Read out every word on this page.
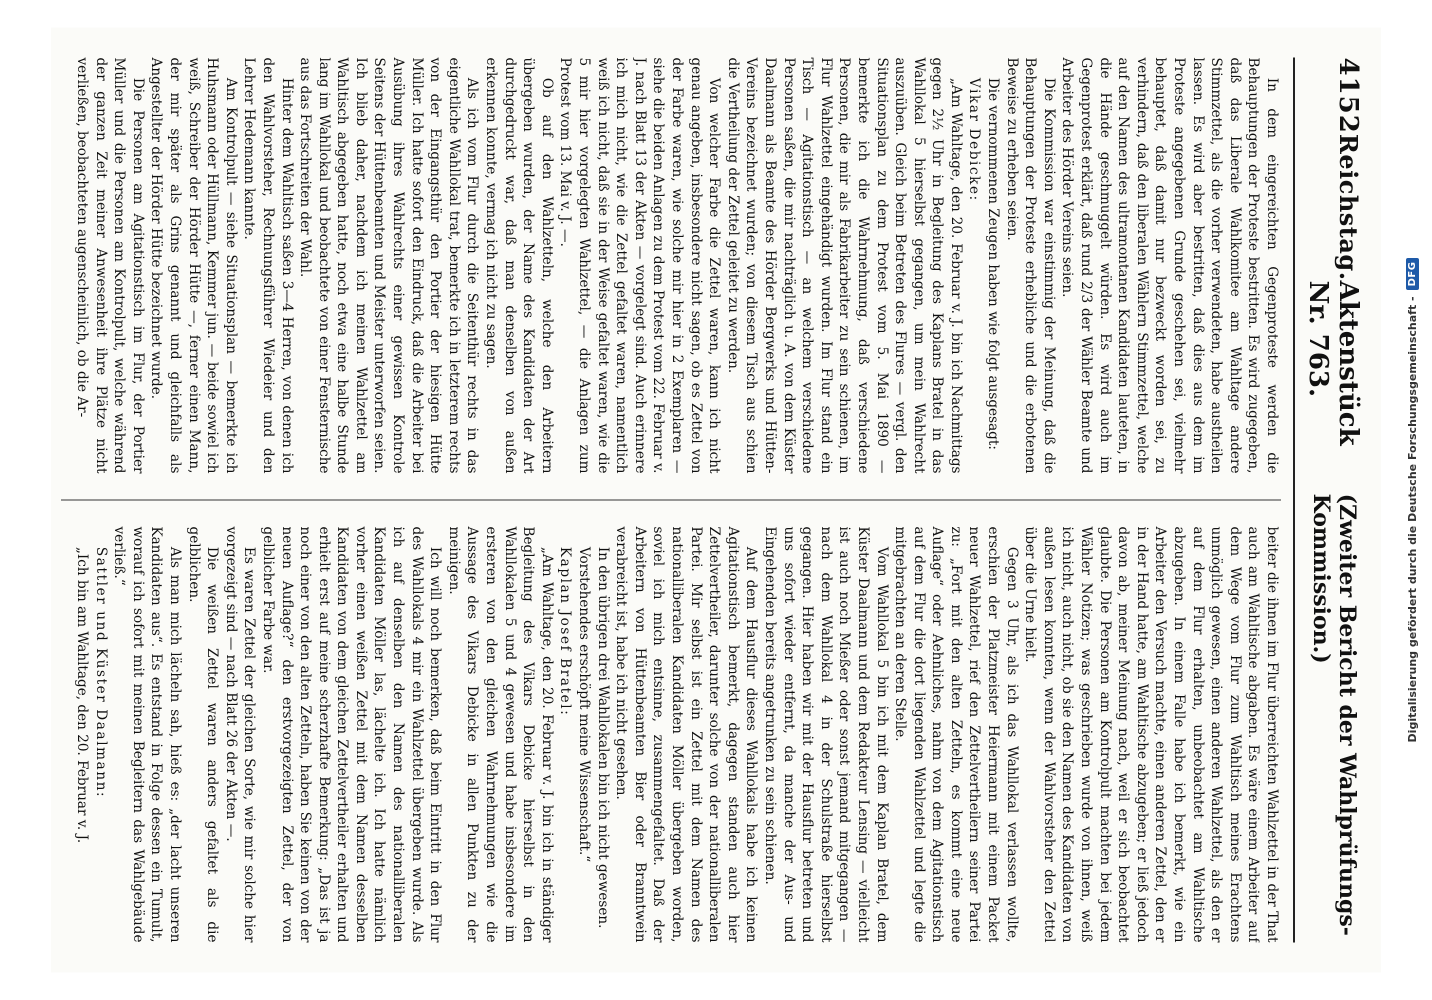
4152
Reichstag.
Aktenstück Nr. 763.
(Zweiter Bericht der Wahlprüfungs-Kommission.)

In dem eingereichten Gegenproteste werden die Behauptungen der Proteste bestritten. Es wird zugegeben, daß das Liberale Wahlkomitee am Wahltage andere Stimmzettel, als die vorher verwendeten, habe austheilen lassen. Es wird aber bestritten, daß dies aus dem im Proteste angegebenen Grunde geschehen sei, vielmehr behauptet, daß damit nur bezweckt worden sei, zu verhindern, daß den liberalen Wählern Stimmzettel, welche auf den Namen des ultramontanen Kandidaten lauteten, in die Hände geschmuggelt würden. Es wird auch im Gegenprotest erklärt, daß rund 2/3 der Wähler Beamte und Arbeiter des Hörder Vereins seien.

Die Kommission war einstimmig der Meinung, daß die Behauptungen der Proteste erhebliche und die erbotenen Beweise zu erheben seien.

Die vernommenen Zeugen haben wie folgt ausgesagt:

Vikar Debicke:

„Am Wahltage, den 20. Februar v. J. bin ich Nachmittags gegen 2½ Uhr in Begleitung des Kaplans Bratel in das Wahllokal 5 hierselbst gegangen, um mein Wahlrecht auszuüben. Gleich beim Betreten des Flures — vergl. den Situationsplan zu dem Protest vom 5. Mai 1890 — bemerkte ich die Wahrnehmung, daß verschiedene Personen, die mir als Fabrikarbeiter zu sein schienen, im Flur Wahlzettel eingehändigt wurden. Im Flur stand ein Tisch — Agitationstisch — an welchem verschiedene Personen saßen, die mir nachträglich u. A. von dem Küster Daalmann als Beamte des Hörder Bergwerks und Hütten-Vereins bezeichnet wurden; von diesem Tisch aus schien die Vertheilung der Zettel geleitet zu werden.

Von welcher Farbe die Zettel waren, kann ich nicht genau angeben, insbesondere nicht sagen, ob es Zettel von der Farbe waren, wie solche mir hier in 2 Exemplaren — siehe die beiden Anlagen zu dem Protest vom 22. Februar v. J. nach Blatt 13 der Akten — vorgelegt sind. Auch erinnere ich mich nicht, wie die Zettel gefaltet waren, namentlich weiß ich nicht, daß sie in der Weise gefaltet waren, wie die 5 mir hier vorgelegten Wahlzettel, — die Anlagen zum Protest vom 13. Mai v. J. —.

Ob auf den Wahlzetteln, welche den Arbeitern übergeben wurden, der Name des Kandidaten der Art durchgedruckt war, daß man denselben von außen erkennen konnte, vermag ich nicht zu sagen.

Als ich vom Flur durch die Seitenthür rechts in das eigentliche Wahllokal trat, bemerkte ich in letzterem rechts von der Eingangsthür den Portier der hiesigen Hütte Müller. Ich hatte sofort den Eindruck, daß die Arbeiter bei Ausübung ihres Wahlrechts einer gewissen Kontrole Seitens der Hüttenbeamten und Meister unterworfen seien. Ich blieb daher, nachdem ich meinen Wahlzettel am Wahltisch abgegeben hatte, noch etwa eine halbe Stunde lang im Wahllokal und beobachtete von einer Fensternische aus das Fortschreiten der Wahl.

Hinter dem Wahltisch saßen 3—4 Herren, von denen ich den Wahlvorsteher, Rechnungsführer Wiedeier und den Lehrer Hedemann kannte.

Am Kontrolpult — siehe Situationsplan — bemerkte ich Huhsmann oder Hüllmann, Kemmer jun. — beide sowiel ich weiß, Schreiber der Hörder Hütte —, ferner einen Mann, der mir später als Grins genannt und gleichfalls als Angestellter der Hörder Hütte bezeichnet wurde.

Die Personen am Agitationstisch im Flur, der Portier Müller und die Personen am Kontrolpult, welche während der ganzen Zeit meiner Anwesenheit ihre Plätze nicht verließen, beobachteten augenscheinlich, ob die Ar-

beiter die ihnen im Flur überreichten Wahlzettel in der That auch am Wahltische abgaben. Es wäre einem Arbeiter auf dem Wege vom Flur zum Wahltisch meines Erachtens unmöglich gewesen, einen anderen Wahlzettel, als den er auf dem Flur erhalten, unbeobachtet am Wahltische abzugeben. In einem Falle habe ich bemerkt, wie ein Arbeiter den Versuch machte, einen anderen Zettel, den er in der Hand hatte, am Wahltische abzugeben; er ließ jedoch davon ab, meiner Meinung nach, weil er sich beobachtet glaubte. Die Personen am Kontrolpult machten bei jedem Wähler Notizen; was geschrieben wurde von ihnen, weiß ich nicht, auch nicht, ob sie den Namen des Kandidaten von außen lesen konnten, wenn der Wahlvorsteher den Zettel über die Urne hielt.

Gegen 3 Uhr, als ich das Wahllokal verlassen wollte, erschien der Platzmeister Heiermann mit einem Packet neuer Wahlzettel, rief den Zettelvertheilern seiner Partei zu: „Fort mit den alten Zetteln, es kommt eine neue Auflage“ oder Aehnliches, nahm von dem Agitationstisch auf dem Flur die dort liegenden Wahlzettel und legte die mitgebrachten an deren Stelle.

Vom Wahllokal 5 bin ich mit dem Kaplan Bratel, dem Küster Daalmann und dem Redakteur Lensing — vielleicht ist auch noch Mießer oder sonst jemand mitgegangen — nach dem Wahllokal 4 in der Schulstraße hierselbst gegangen. Hier haben wir mit der Hausflur betreten und uns sofort wieder entfernt, da manche der Aus- und Eingehenden bereits angetrunken zu sein schienen.

Auf dem Hausflur dieses Wahllokals habe ich keinen Agitationstisch bemerkt, dagegen standen auch hier Zettelvertheiler, darunter solche von der nationalliberalen Partei. Mir selbst ist ein Zettel mit dem Namen des nationalliberalen Kandidaten Möller übergeben worden, soviel ich mich entsinne, zusammengefaltet. Daß der Arbeitern von Hüttenbeamten Bier oder Branntwein verabreicht ist, habe ich nicht gesehen.

In den übrigen drei Wahllokalen bin ich nicht gewesen.

Vorstehendes erschöpft meine Wissenschaft.“

Kaplan Josef Bratel:

„Am Wahltage, den 20. Februar v. J. bin ich in ständiger Begleitung des Vikars Debicke hierselbst in den Wahllokalen 5 und 4 gewesen und habe insbesondere im ersteren von den gleichen Wahrnehmungen wie die Aussage des Vikars Debicke in allen Punkten zu der meinigen.

Ich will noch bemerken, daß beim Eintritt in den Flur des Wahllokals 4 mir ein Wahlzettel übergeben wurde. Als ich auf denselben den Namen des nationalliberalen Kandidaten Möller las, lächelte ich. Ich hatte nämlich vorher einen weißen Zettel mit dem Namen desselben Kandidaten von dem gleichen Zettelvertheiler erhalten und erhielt erst auf meine scherzhafte Bemerkung: „Das ist ja noch einer von den alten Zetteln, haben Sie keinen von der neuen Auflage?“ den erstvorgezeigten Zettel, der von gelblicher Farbe war.

Es waren Zettel der gleichen Sorte, wie mir solche hier vorgezeigt sind — nach Blatt 26 der Akten —.

Die weißen Zettel waren anders gefaltet als die gelblichen.

Als man mich lächeln sah, hieß es: „der lacht unseren Kandidaten aus“. Es entstand in Folge dessen ein Tumult, worauf ich sofort mit meinen Begleitern das Wahlgebäude verließ.“

Sattler und Küster Daalmann:

„Ich bin am Wahltage, den 20. Februar v. J.	Digitalisierung gefördert durch die Deutsche Forschungsgemeinschaft -
DFG
